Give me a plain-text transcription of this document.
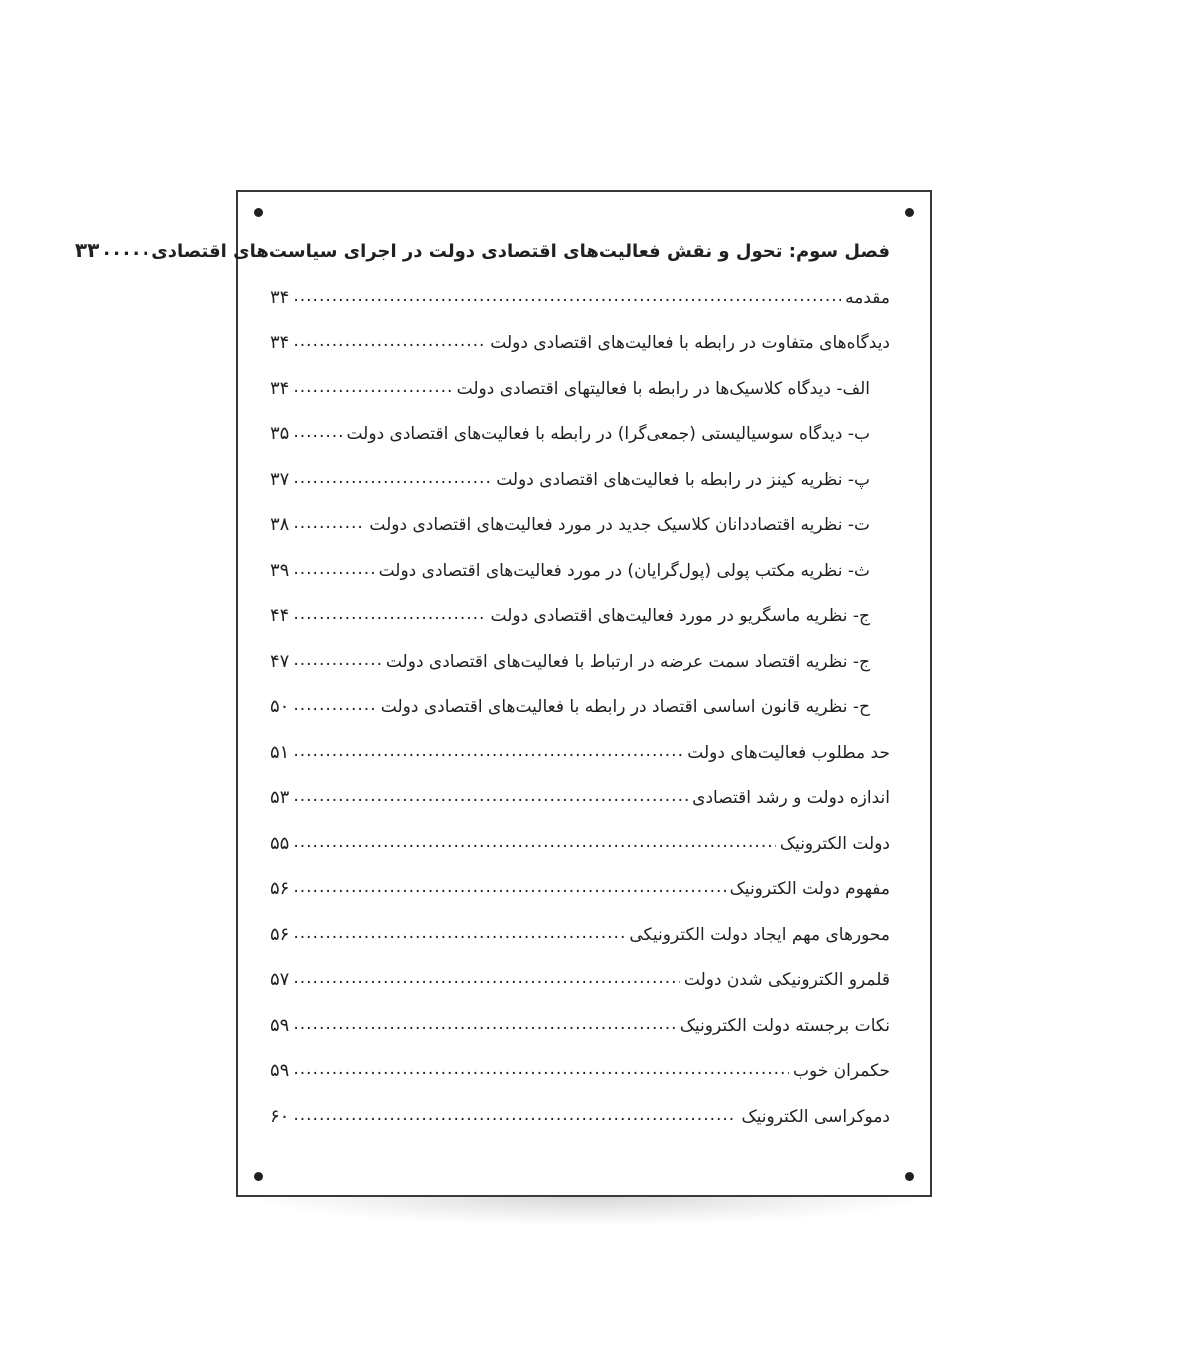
فصل سوم: تحول و نقش فعالیت‌های اقتصادی دولت در اجرای سیاست‌های اقتصادی
.....
۳۳
مقدمه
.....
۳۴
دیدگاه‌های متفاوت در رابطه با فعالیت‌های اقتصادی دولت
.....
۳۴
الف- دیدگاه کلاسیک‌ها در رابطه با فعالیتهای اقتصادی دولت
.....
۳۴
ب- دیدگاه سوسیالیستی (جمعی‌گرا) در رابطه با فعالیت‌های اقتصادی دولت
.....
۳۵
پ- نظریه کینز در رابطه با فعالیت‌های اقتصادی دولت
.....
۳۷
ت- نظریه اقتصاددانان کلاسیک جدید در مورد فعالیت‌های اقتصادی دولت
.....
۳۸
ث- نظریه مکتب پولی (پول‌گرایان) در مورد فعالیت‌های اقتصادی دولت
.....
۳۹
ج- نظریه ماسگریو در مورد فعالیت‌های اقتصادی دولت
.....
۴۴
ج- نظریه اقتصاد سمت عرضه در ارتباط با فعالیت‌های اقتصادی دولت
.....
۴۷
ح- نظریه قانون اساسی اقتصاد در رابطه با فعالیت‌های اقتصادی دولت
.....
۵۰
حد مطلوب فعالیت‌های دولت
.....
۵۱
اندازه دولت و رشد اقتصادی
.....
۵۳
دولت الکترونیک
.....
۵۵
مفهوم دولت الکترونیک
.....
۵۶
محورهای مهم ایجاد دولت الکترونیکی
.....
۵۶
قلمرو الکترونیکی شدن دولت
.....
۵۷
نکات برجسته دولت الکترونیک
.....
۵۹
حکمران خوب
.....
۵۹
دموکراسی الکترونیک
.....
۶۰
